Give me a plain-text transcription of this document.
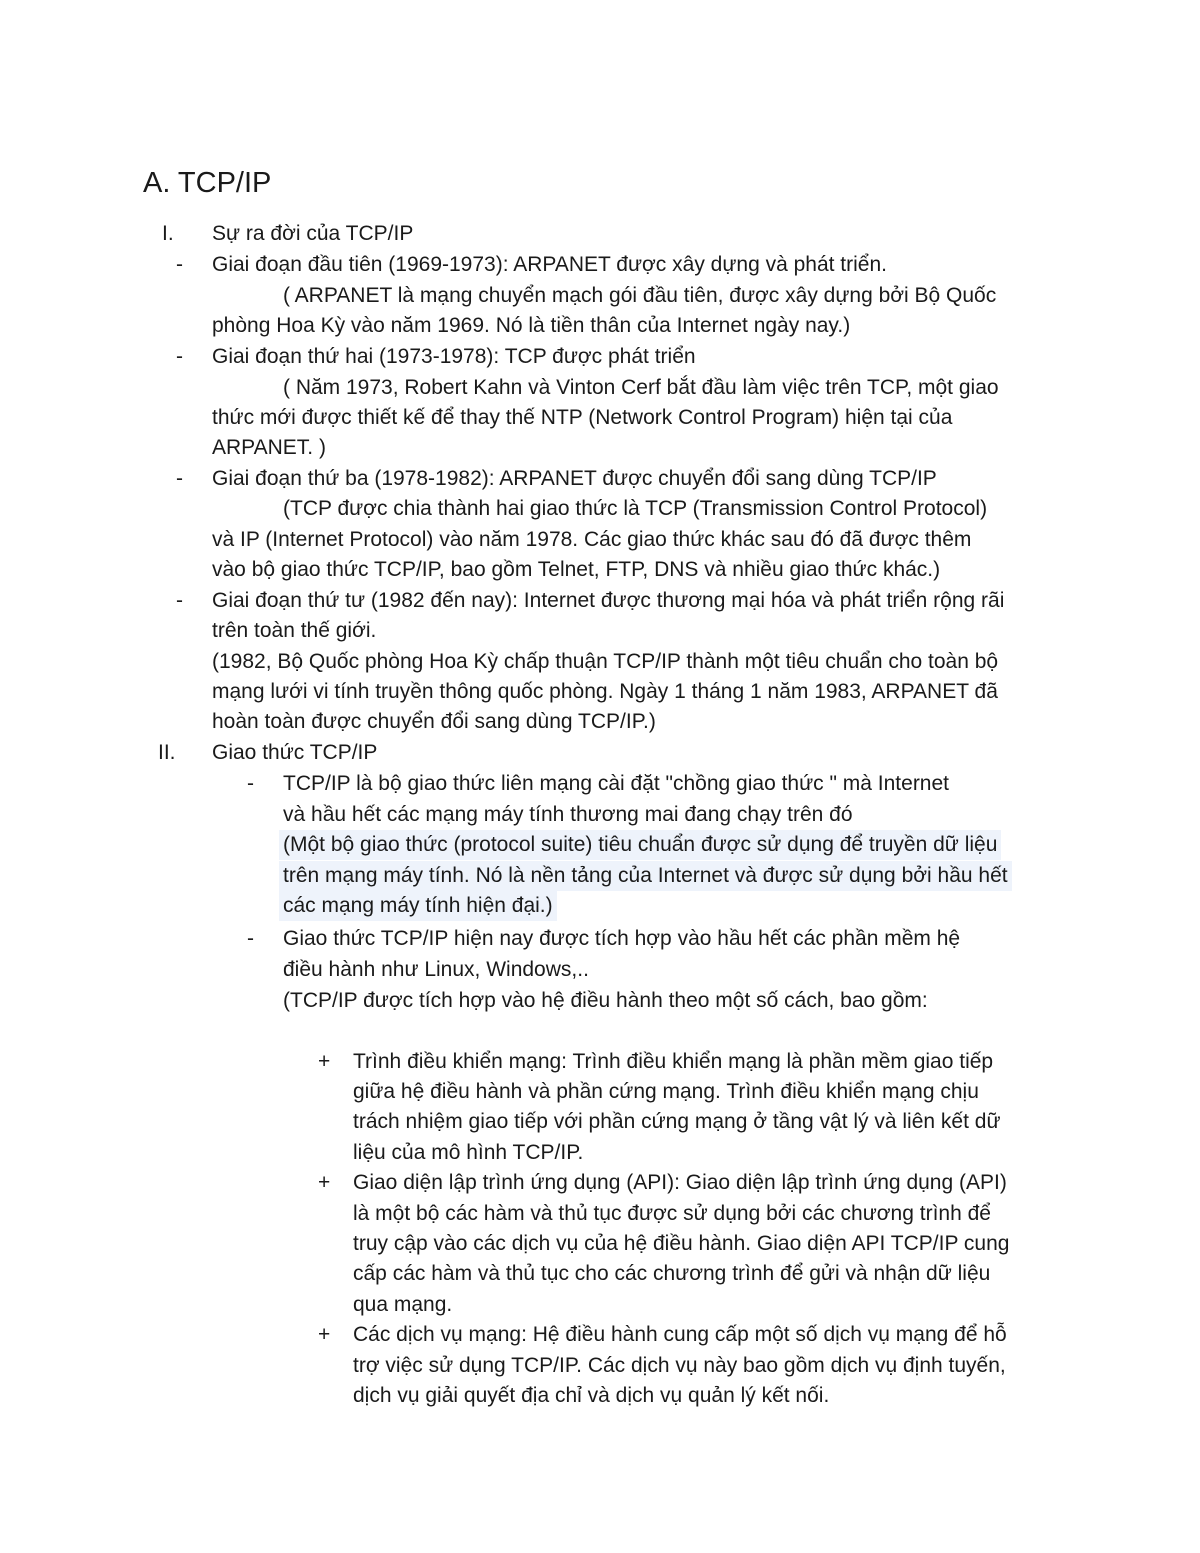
A. TCP/IP
I. Sự ra đời của TCP/IP
- Giai đoạn đầu tiên (1969-1973): ARPANET được xây dựng và phát triển.
( ARPANET là mạng chuyển mạch gói đầu tiên, được xây dựng bởi Bộ Quốc
phòng Hoa Kỳ vào năm 1969. Nó là tiền thân của Internet ngày nay.)
- Giai đoạn thứ hai (1973-1978): TCP được phát triển
( Năm 1973, Robert Kahn và Vinton Cerf bắt đầu làm việc trên TCP, một giao
thức mới được thiết kế để thay thế NTP (Network Control Program) hiện tại của
ARPANET. )
- Giai đoạn thứ ba (1978-1982): ARPANET được chuyển đổi sang dùng TCP/IP
(TCP được chia thành hai giao thức là TCP (Transmission Control Protocol)
và IP (Internet Protocol) vào năm 1978. Các giao thức khác sau đó đã được thêm
vào bộ giao thức TCP/IP, bao gồm Telnet, FTP, DNS và nhiều giao thức khác.)
- Giai đoạn thứ tư (1982 đến nay): Internet được thương mại hóa và phát triển rộng rãi
trên toàn thế giới.
(1982, Bộ Quốc phòng Hoa Kỳ chấp thuận TCP/IP thành một tiêu chuẩn cho toàn bộ
mạng lưới vi tính truyền thông quốc phòng. Ngày 1 tháng 1 năm 1983, ARPANET đã
hoàn toàn được chuyển đổi sang dùng TCP/IP.)
II. Giao thức TCP/IP
- TCP/IP là bộ giao thức liên mạng cài đặt "chồng giao thức " mà Internet
và hầu hết các mạng máy tính thương mai đang chạy trên đó
(Một bộ giao thức (protocol suite) tiêu chuẩn được sử dụng để truyền dữ liệu
trên mạng máy tính. Nó là nền tảng của Internet và được sử dụng bởi hầu hết
các mạng máy tính hiện đại.)
- Giao thức TCP/IP hiện nay được tích hợp vào hầu hết các phần mềm hệ
điều hành như Linux, Windows,..
(TCP/IP được tích hợp vào hệ điều hành theo một số cách, bao gồm:
+ Trình điều khiển mạng: Trình điều khiển mạng là phần mềm giao tiếp
giữa hệ điều hành và phần cứng mạng. Trình điều khiển mạng chịu
trách nhiệm giao tiếp với phần cứng mạng ở tầng vật lý và liên kết dữ
liệu của mô hình TCP/IP.
+ Giao diện lập trình ứng dụng (API): Giao diện lập trình ứng dụng (API)
là một bộ các hàm và thủ tục được sử dụng bởi các chương trình để
truy cập vào các dịch vụ của hệ điều hành. Giao diện API TCP/IP cung
cấp các hàm và thủ tục cho các chương trình để gửi và nhận dữ liệu
qua mạng.
+ Các dịch vụ mạng: Hệ điều hành cung cấp một số dịch vụ mạng để hỗ
trợ việc sử dụng TCP/IP. Các dịch vụ này bao gồm dịch vụ định tuyến,
dịch vụ giải quyết địa chỉ và dịch vụ quản lý kết nối.
